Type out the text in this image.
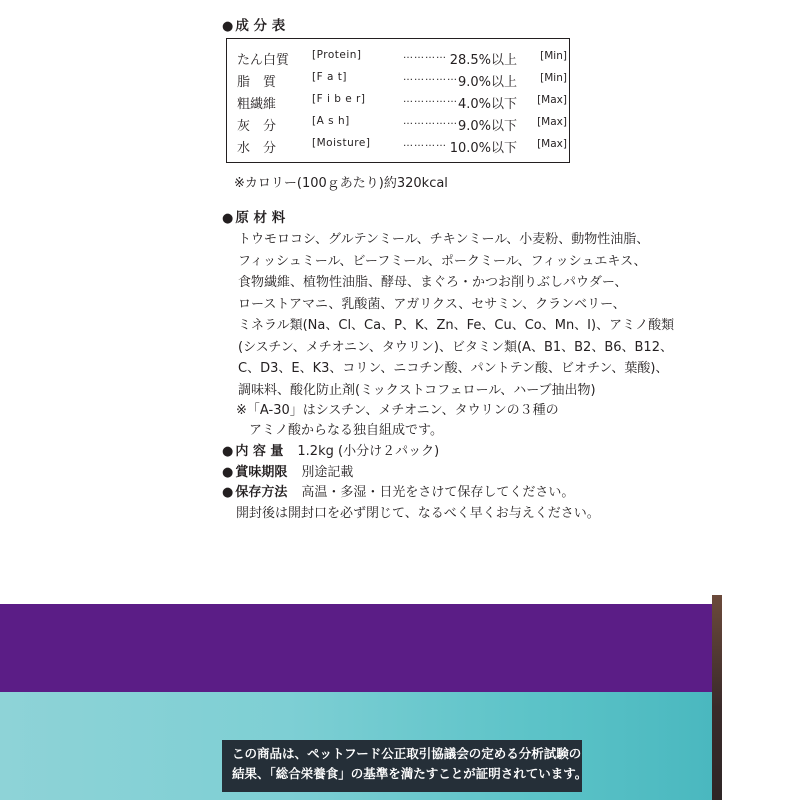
● 成 分 表
たん白質	[Protein]	………… 28.5%以上 [Min]
脂　質	[F a t]	…………… 9.0%以上 [Min]
粗繊維	[F i b e r]	…………… 4.0%以下 [Max]
灰　分	[A s h]	…………… 9.0%以下 [Max]
水　分	[Moisture]	………… 10.0%以下 [Max]
※カロリー(100ｇあたり)約320kcal
● 原 材 料
トウモロコシ、グルテンミール、チキンミール、小麦粉、動物性油脂、
フィッシュミール、ビーフミール、ポークミール、フィッシュエキス、
食物繊維、植物性油脂、酵母、まぐろ・かつお削りぶしパウダー、
ローストアマニ、乳酸菌、アガリクス、セサミン、クランベリー、
ミネラル類(Na、Cl、Ca、P、K、Zn、Fe、Cu、Co、Mn、I)、アミノ酸類
(シスチン、メチオニン、タウリン)、ビタミン類(A、B1、B2、B6、B12、
C、D3、E、K3、コリン、ニコチン酸、パントテン酸、ビオチン、葉酸)、
調味料、酸化防止剤(ミックストコフェロール、ハーブ抽出物)
※「A-30」はシスチン、メチオニン、タウリンの３種の
　アミノ酸からなる独自組成です。
● 内 容 量 1.2kg (小分け２パック)
● 賞味期限 別途記載
● 保存方法 高温・多湿・日光をさけて保存してください。
開封後は開封口を必ず閉じて、なるべく早くお与えください。
この商品は、ペットフード公正取引協議会の定める分析試験の
結果、「総合栄養食」の基準を満たすことが証明されています。
